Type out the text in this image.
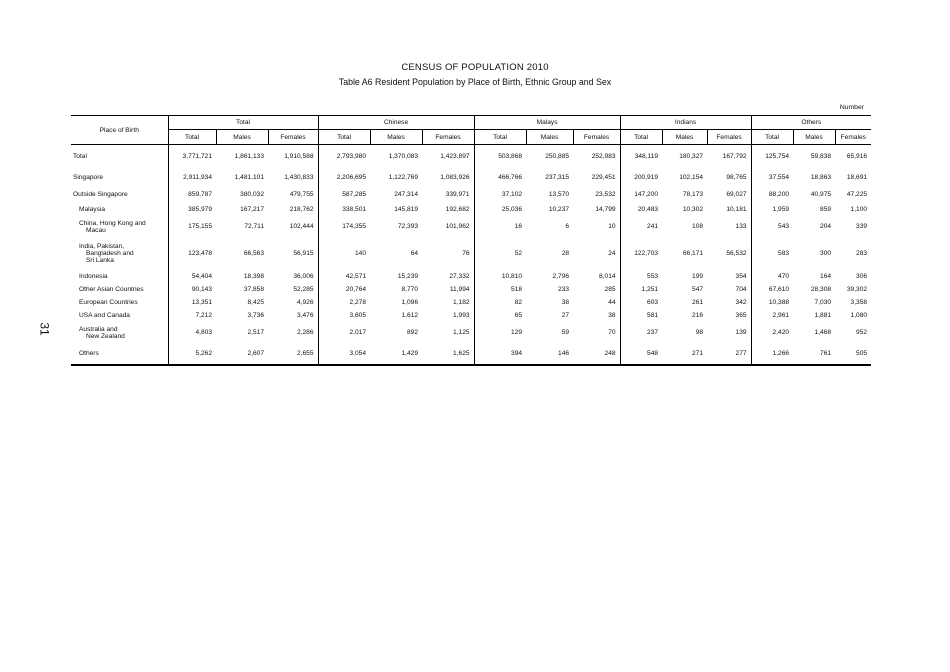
CENSUS OF POPULATION 2010
Table A6 Resident Population by Place of Birth, Ethnic Group and Sex
Number
31
Place of Birth	Total			Chinese			Malays			Indians			Others		
	Total	Males	Females	Total	Males	Females	Total	Males	Females	Total	Males	Females	Total	Males	Females
Total	3,771,721	1,861,133	1,910,588	2,793,980	1,370,083	1,423,897	503,868	250,885	252,983	348,119	180,327	167,792	125,754	59,838	65,916
Singapore	2,911,934	1,481,101	1,430,833	2,206,695	1,122,769	1,083,926	466,766	237,315	229,451	200,919	102,154	98,765	37,554	18,863	18,691
Outside Singapore	859,787	380,032	479,755	587,285	247,314	339,971	37,102	13,570	23,532	147,200	78,173	69,027	88,200	40,975	47,225
Malaysia	385,979	167,217	218,762	338,501	145,819	192,682	25,036	10,237	14,799	20,483	10,302	10,181	1,959	859	1,100
China, Hong Kong and
Macau	175,155	72,711	102,444	174,355	72,393	101,962	16	6	10	241	108	133	543	204	339
India, Pakistan,
Bangladesh and
Sri Lanka	123,478	66,563	56,915	140	64	76	52	28	24	122,703	66,171	56,532	583	300	283
Indonesia	54,404	18,398	36,006	42,571	15,239	27,332	10,810	2,796	8,014	553	199	354	470	164	306
Other Asian Countries	90,143	37,858	52,285	20,764	8,770	11,994	518	233	285	1,251	547	704	67,610	28,308	39,302
European Countries	13,351	8,425	4,926	2,278	1,096	1,182	82	38	44	603	261	342	10,388	7,030	3,358
USA and Canada	7,212	3,736	3,476	3,605	1,612	1,993	65	27	38	581	216	365	2,961	1,881	1,080
Australia and
New Zealand	4,803	2,517	2,286	2,017	892	1,125	129	59	70	237	98	139	2,420	1,468	952
Others	5,262	2,607	2,655	3,054	1,429	1,625	394	146	248	548	271	277	1,266	761	505
